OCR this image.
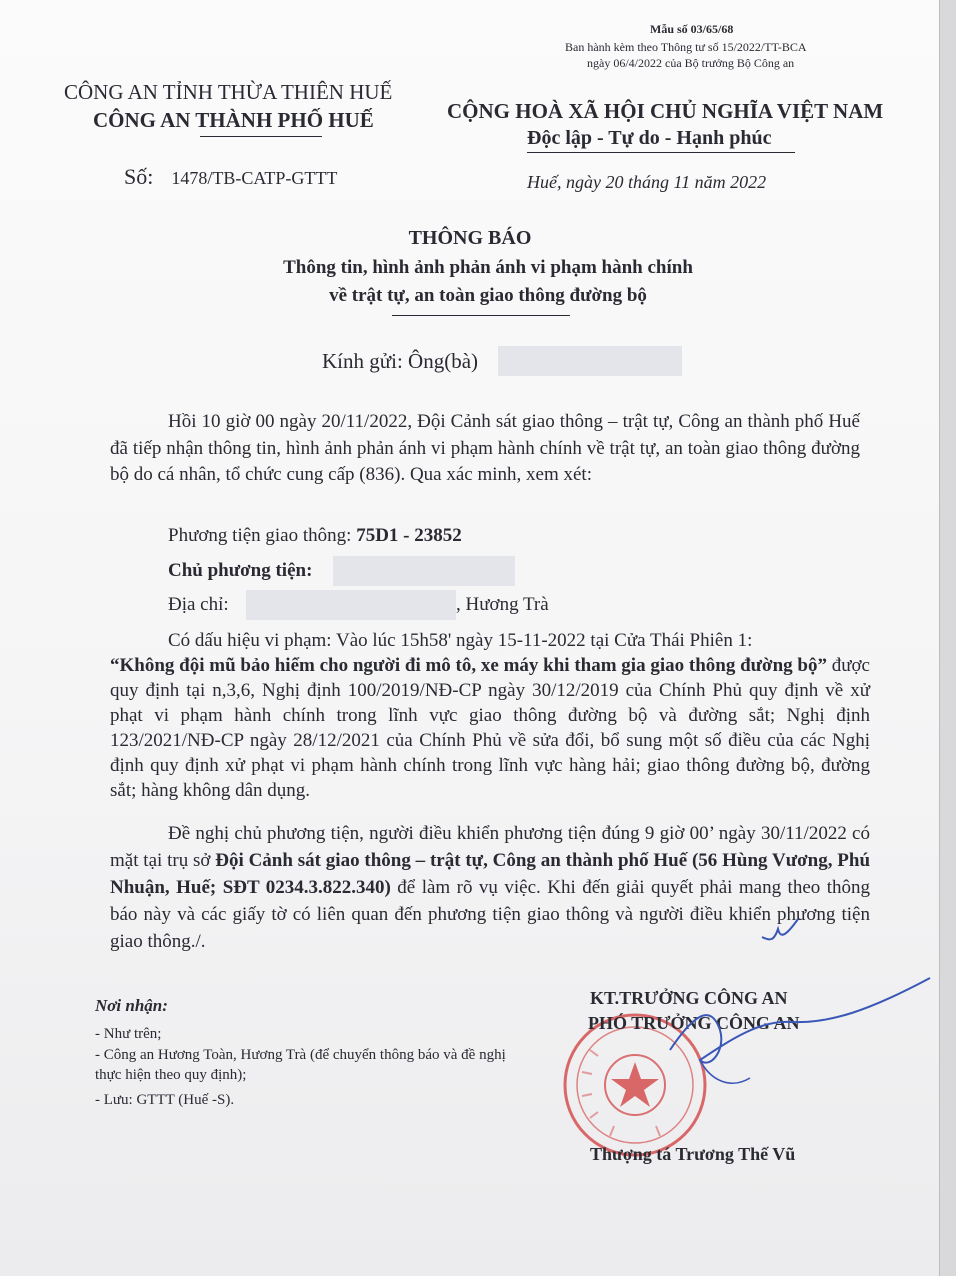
Mẫu số 03/65/68
Ban hành kèm theo Thông tư số 15/2022/TT-BCA
ngày 06/4/2022 của Bộ trưởng Bộ Công an
CÔNG AN TỈNH THỪA THIÊN HUẾ
CÔNG AN THÀNH PHỐ HUẾ
Số: 1478/TB-CATP-GTTT
CỘNG HOÀ XÃ HỘI CHỦ NGHĨA VIỆT NAM
Độc lập - Tự do - Hạnh phúc
Huế, ngày 20 tháng 11 năm 2022
THÔNG BÁO
Thông tin, hình ảnh phản ánh vi phạm hành chính
về trật tự, an toàn giao thông đường bộ
Kính gửi: Ông(bà)
Hồi 10 giờ 00 ngày 20/11/2022, Đội Cảnh sát giao thông – trật tự, Công an thành phố Huế đã tiếp nhận thông tin, hình ảnh phản ánh vi phạm hành chính về trật tự, an toàn giao thông đường bộ do cá nhân, tổ chức cung cấp (836). Qua xác minh, xem xét:
Phương tiện giao thông: 75D1 - 23852
Chủ phương tiện:
Địa chỉ:	, Hương Trà

Có dấu hiệu vi phạm: Vào lúc 15h58' ngày 15-11-2022 tại Cửa Thái Phiên 1:

“Không đội mũ bảo hiểm cho người đi mô tô, xe máy khi tham gia giao thông đường bộ” được quy định tại n,3,6, Nghị định 100/2019/NĐ-CP ngày 30/12/2019 của Chính Phủ quy định về xử phạt vi phạm hành chính trong lĩnh vực giao thông đường bộ và đường sắt; Nghị định 123/2021/NĐ-CP ngày 28/12/2021 của Chính Phủ về sửa đổi, bổ sung một số điều của các Nghị định quy định xử phạt vi phạm hành chính trong lĩnh vực hàng hải; giao thông đường bộ, đường sắt; hàng không dân dụng.

Đề nghị chủ phương tiện, người điều khiển phương tiện đúng 9 giờ 00’ ngày 30/11/2022 có mặt tại trụ sở Đội Cảnh sát giao thông – trật tự, Công an thành phố Huế (56 Hùng Vương, Phú Nhuận, Huế; SĐT 0234.3.822.340) để làm rõ vụ việc. Khi đến giải quyết phải mang theo thông báo này và các giấy tờ có liên quan đến phương tiện giao thông và người điều khiển phương tiện giao thông./.

Nơi nhận:
- Như trên;
- Công an Hương Toàn, Hương Trà (để chuyển thông báo và đề nghị thực hiện theo quy định);
- Lưu: GTTT (Huế -S).
KT.TRƯỞNG CÔNG AN
PHÓ TRƯỞNG CÔNG AN
Thượng tá Trương Thế Vũ
